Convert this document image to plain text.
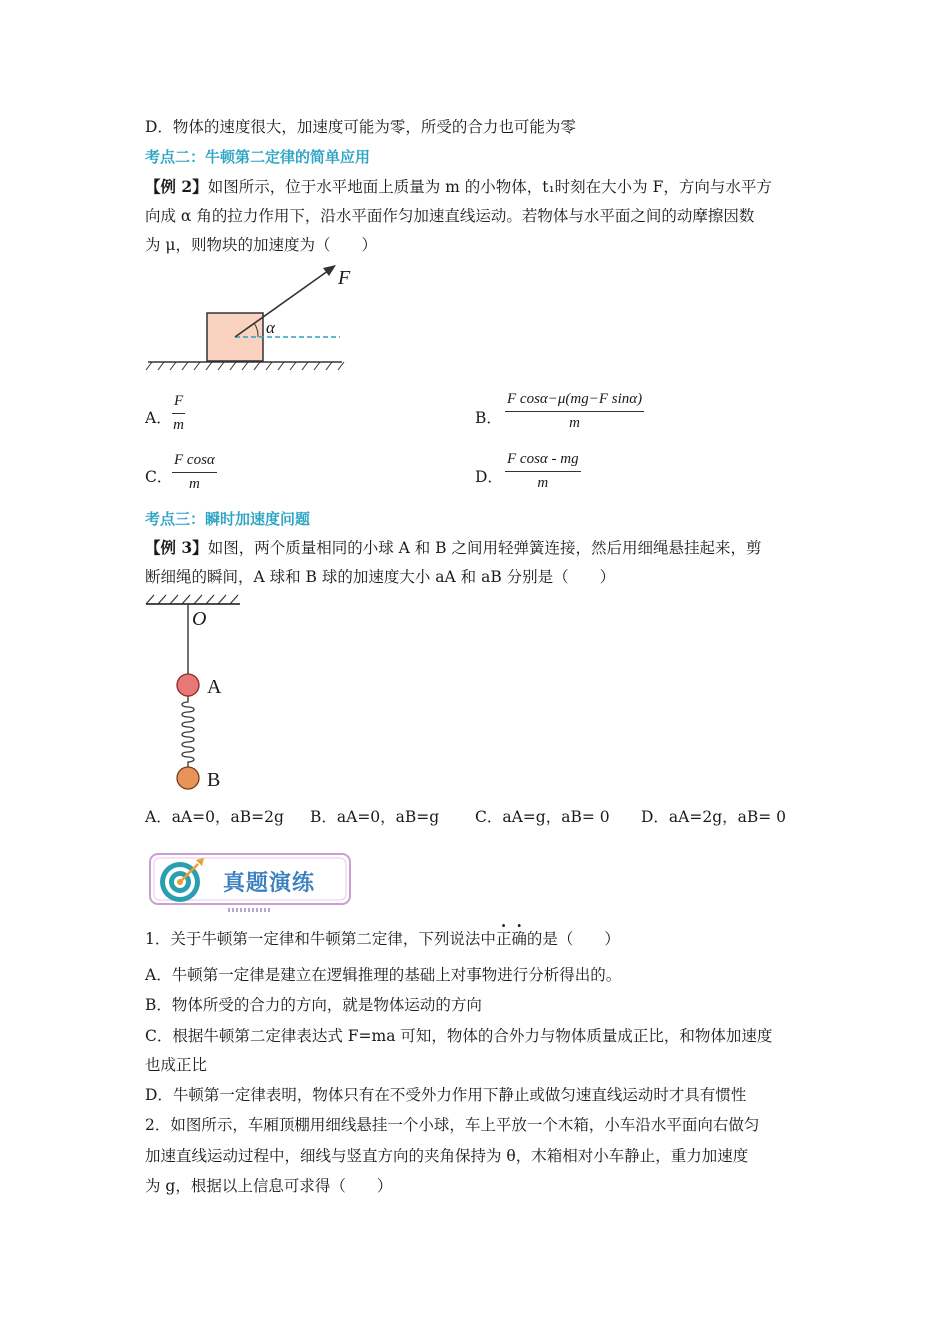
D．物体的速度很大，加速度可能为零，所受的合力也可能为零
考点二：牛顿第二定律的简单应用
【例 2】如图所示，位于水平地面上质量为 m 的小物体，t₁时刻在大小为 F，方向与水平方
向成 α 角的拉力作用下，沿水平面作匀加速直线运动。若物体与水平面之间的动摩擦因数
为 μ，则物块的加速度为（　　）
F
α
A． $\frac{F}{m}$	B． $\frac{\text{F cosα−μ(mg−F sinα)}}{m}$
C． $\frac{\text{F cosα}}{m}$	D． $\frac{\text{F cosα - mg}}{m}$
考点三：瞬时加速度问题
【例 3】如图，两个质量相同的小球 A 和 B 之间用轻弹簧连接，然后用细绳悬挂起来，剪
断细绳的瞬间，A 球和 B 球的加速度大小 aA 和 aB 分别是（　　）
O
A
B
A．aA=0，aB=2g B．aA=0，aB=g C．aA=g，aB= 0 D．aA=2g，aB= 0
真题演练
1．关于牛顿第一定律和牛顿第二定律，下列说法中正确的是（　　）
A．牛顿第一定律是建立在逻辑推理的基础上对事物进行分析得出的。
B．物体所受的合力的方向，就是物体运动的方向
C．根据牛顿第二定律表达式 F=ma 可知，物体的合外力与物体质量成正比，和物体加速度
也成正比
D．牛顿第一定律表明，物体只有在不受外力作用下静止或做匀速直线运动时才具有惯性
2．如图所示，车厢顶棚用细线悬挂一个小球，车上平放一个木箱，小车沿水平面向右做匀
加速直线运动过程中，细线与竖直方向的夹角保持为 θ，木箱相对小车静止，重力加速度
为 g，根据以上信息可求得（　　）
